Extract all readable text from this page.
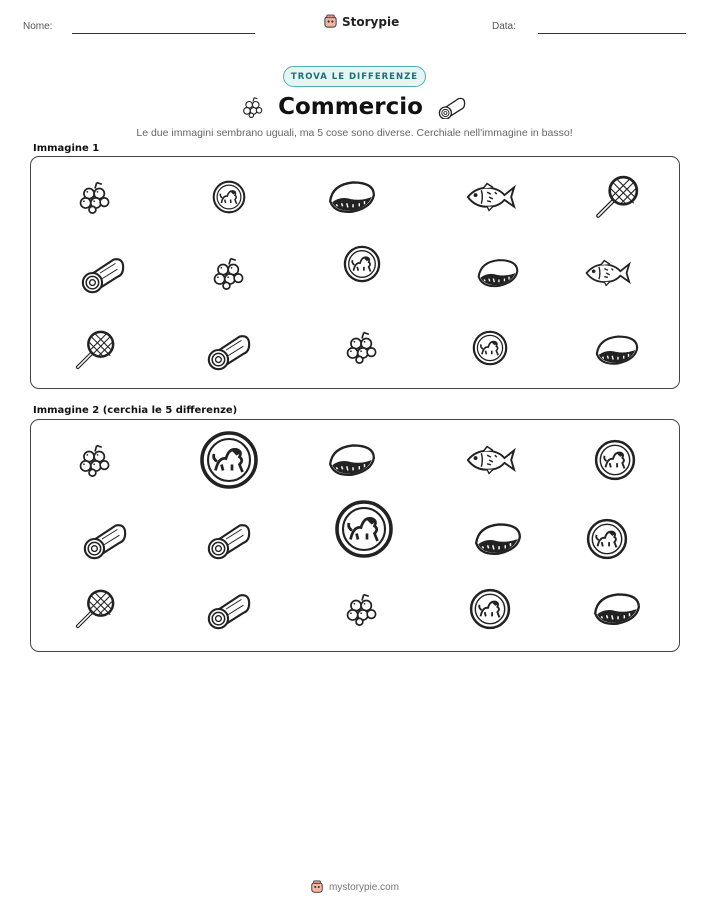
Nome:	Storypie	Data:
TROVA LE DIFFERENZE
Commercio
Le due immagini sembrano uguali, ma 5 cose sono diverse. Cerchiale nell'immagine in basso!
Immagine 1
Immagine 2 (cerchia le 5 differenze)
mystorypie.com
